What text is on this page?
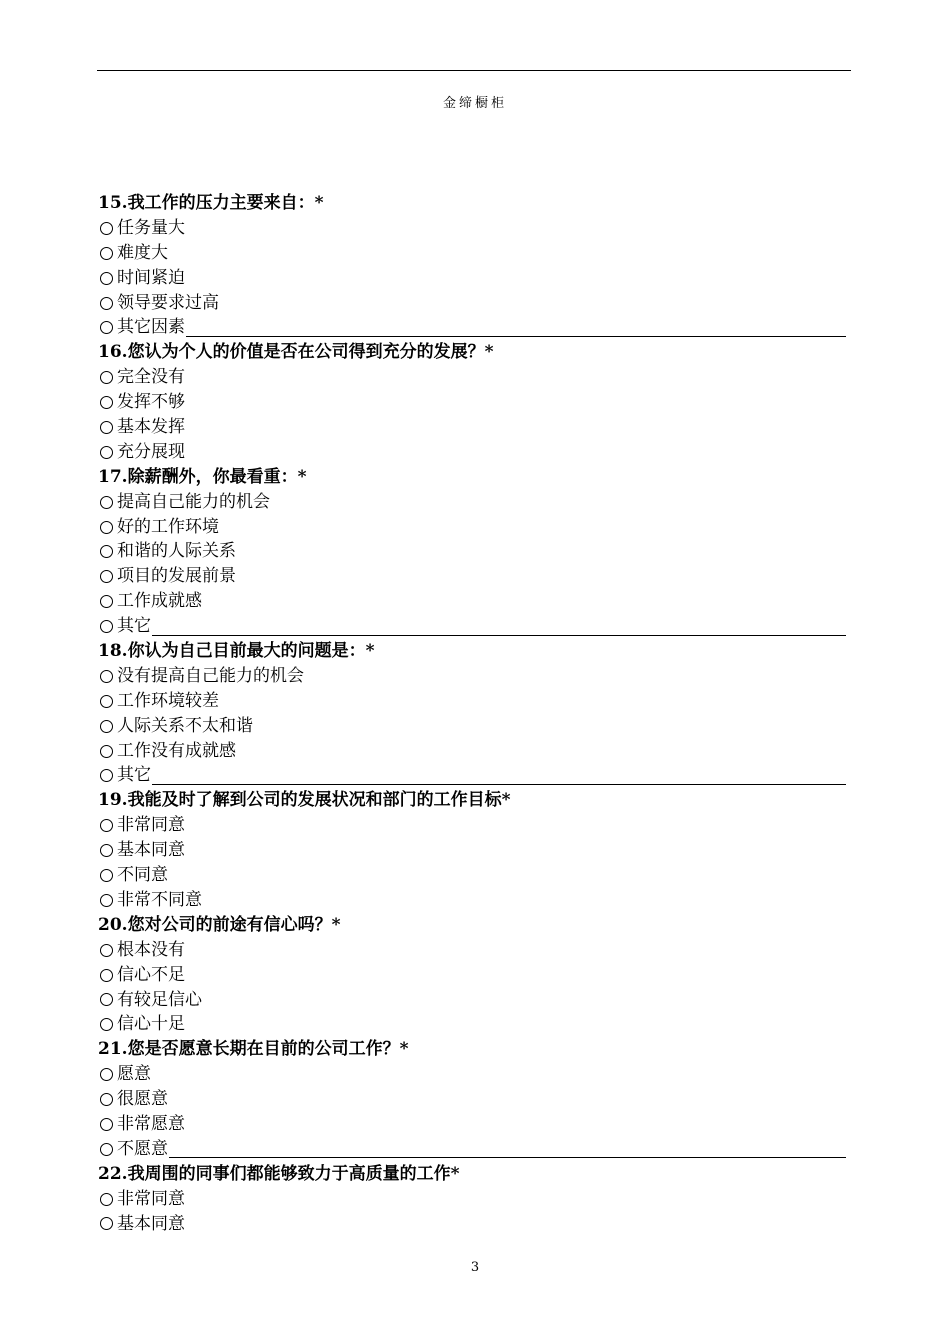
金缔橱柜
15.我工作的压力主要来自：*
任务量大
难度大
时间紧迫
领导要求过高
其它因素
16.您认为个人的价值是否在公司得到充分的发展？*
完全没有
发挥不够
基本发挥
充分展现
17.除薪酬外，你最看重：*
提高自己能力的机会
好的工作环境
和谐的人际关系
项目的发展前景
工作成就感
其它
18.你认为自己目前最大的问题是：*
没有提高自己能力的机会
工作环境较差
人际关系不太和谐
工作没有成就感
其它
19.我能及时了解到公司的发展状况和部门的工作目标*
非常同意
基本同意
不同意
非常不同意
20.您对公司的前途有信心吗？*
根本没有
信心不足
有较足信心
信心十足
21.您是否愿意长期在目前的公司工作？*
愿意
很愿意
非常愿意
不愿意
22.我周围的同事们都能够致力于高质量的工作*
非常同意
基本同意
3
